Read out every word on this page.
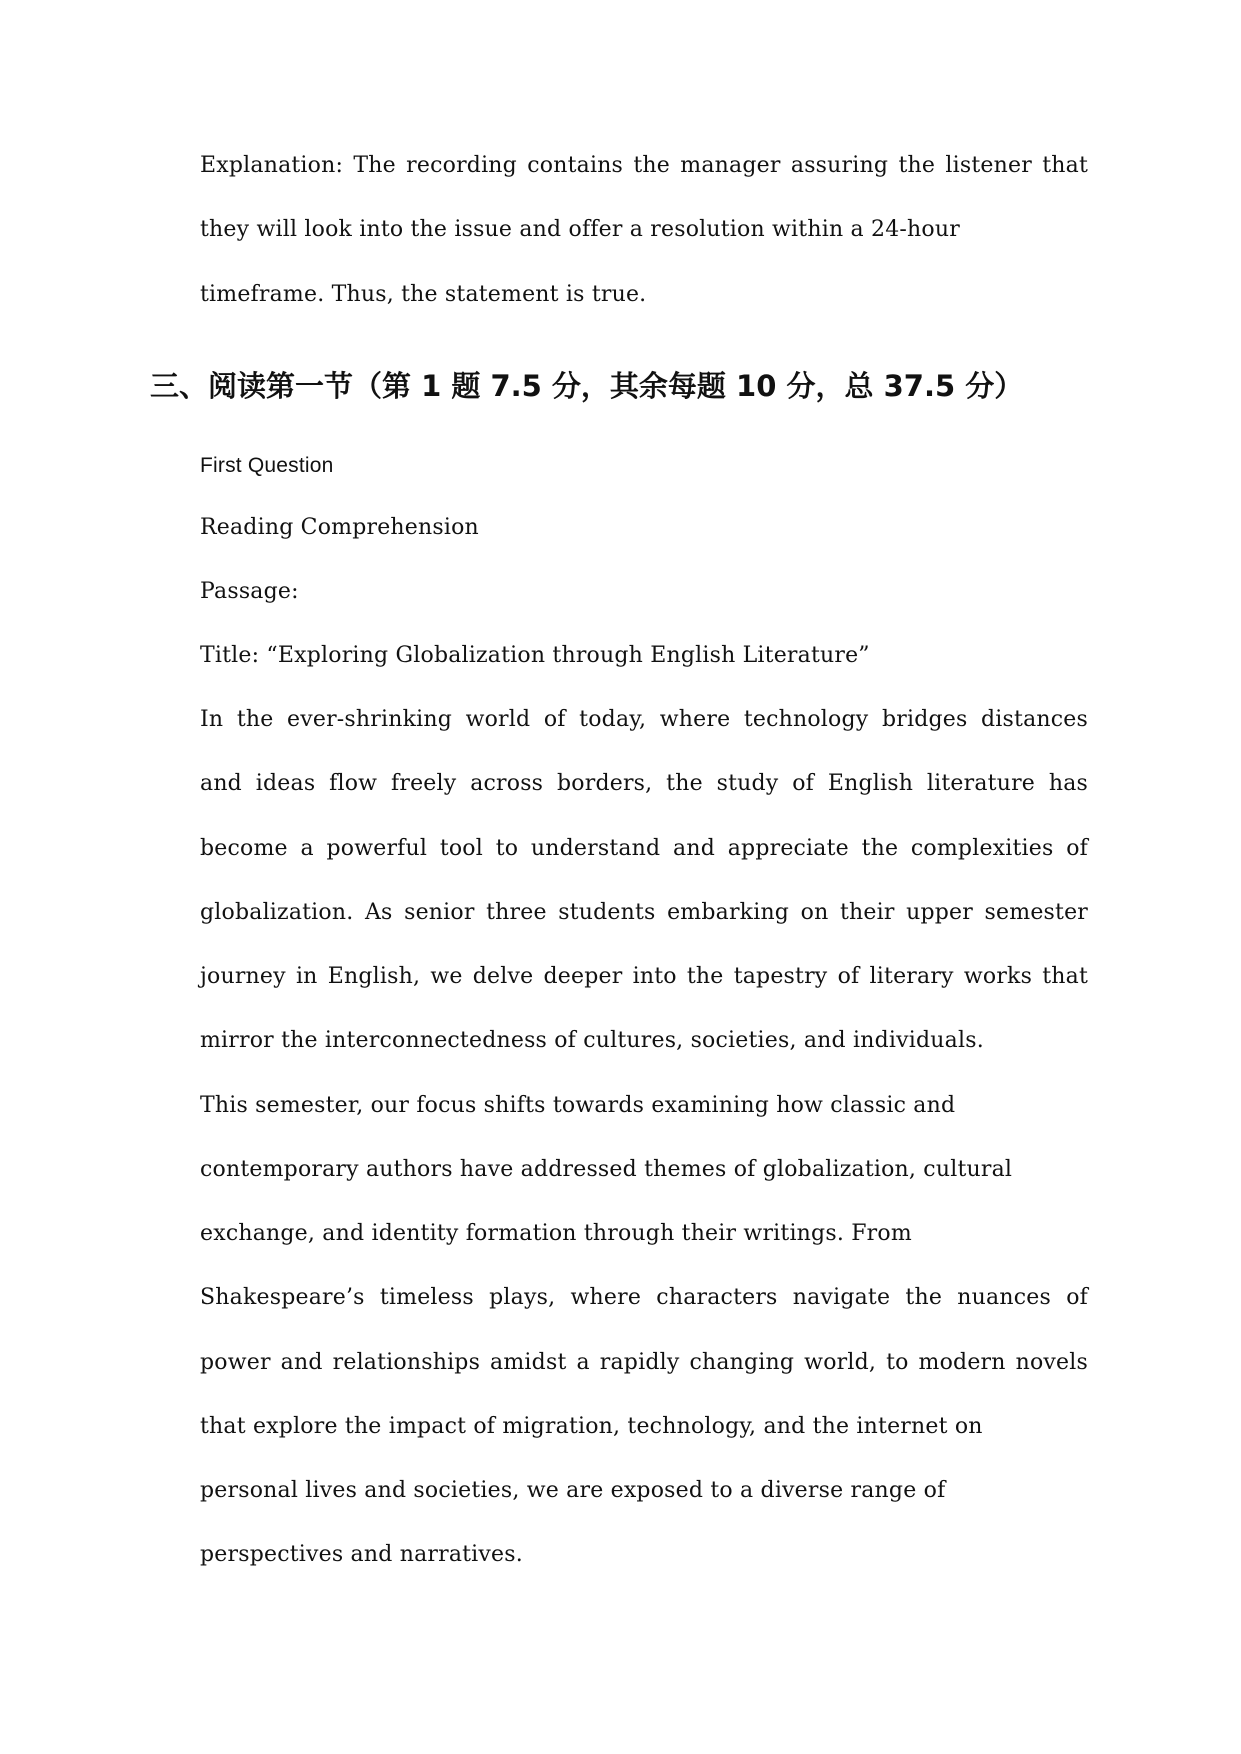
Explanation: The recording contains the manager assuring the listener that
they will look into the issue and offer a resolution within a 24-hour
timeframe. Thus, the statement is true.
三、阅读第一节（第 1 题 7.5 分，其余每题 10 分，总 37.5 分）
First Question
Reading Comprehension
Passage:
Title: “Exploring Globalization through English Literature”
In the ever-shrinking world of today, where technology bridges distances
and ideas flow freely across borders, the study of English literature has
become a powerful tool to understand and appreciate the complexities of
globalization. As senior three students embarking on their upper semester
journey in English, we delve deeper into the tapestry of literary works that
mirror the interconnectedness of cultures, societies, and individuals.
This semester, our focus shifts towards examining how classic and
contemporary authors have addressed themes of globalization, cultural
exchange, and identity formation through their writings. From
Shakespeare’s timeless plays, where characters navigate the nuances of
power and relationships amidst a rapidly changing world, to modern novels
that explore the impact of migration, technology, and the internet on
personal lives and societies, we are exposed to a diverse range of
perspectives and narratives.
